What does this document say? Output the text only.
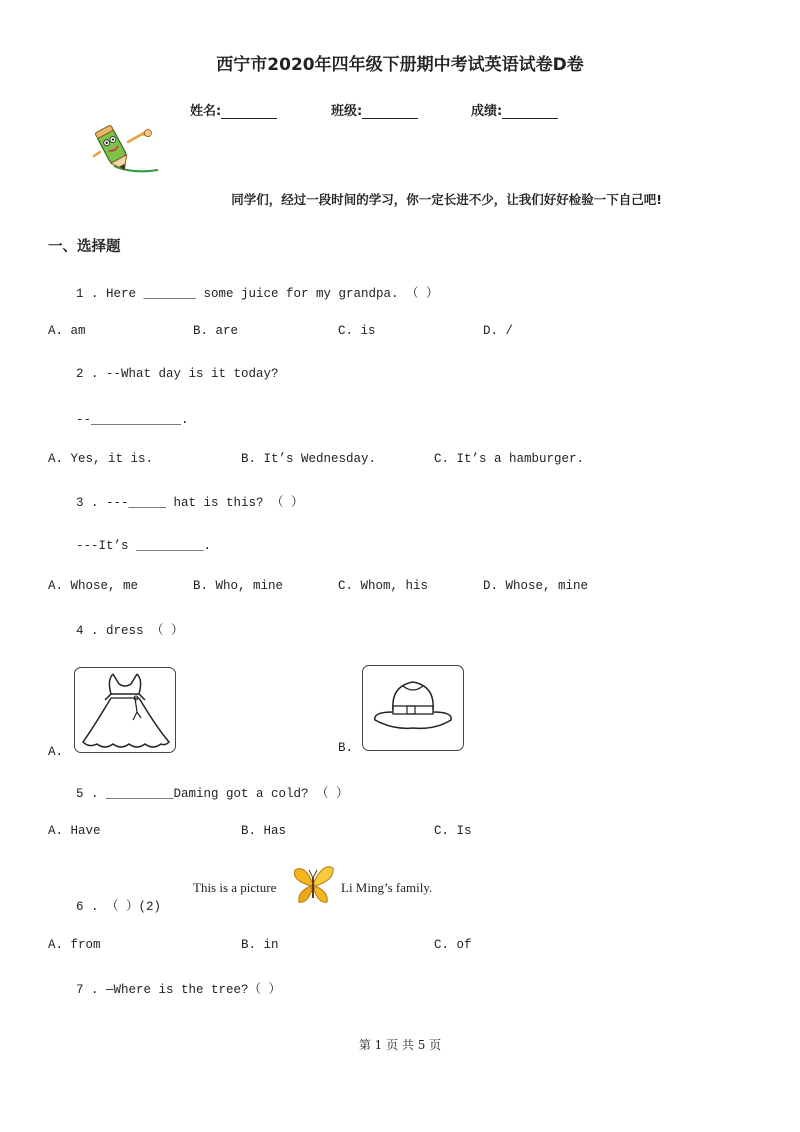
西宁市2020年四年级下册期中考试英语试卷D卷
姓名:	班级:	成绩:
同学们，经过一段时间的学习，你一定长进不少，让我们好好检验一下自己吧!
一、选择题
1 . Here _______ some juice for my grandpa. （ ）
A. am	B. are	C. is	D. /
2 . --What day is it today?
--____________.
A. Yes, it is.	B. It’s Wednesday.	C. It’s a hamburger.
3 . ---_____ hat is this? （ ）
---It’s _________.
A. Whose, me	B. Who, mine	C. Whom, his	D. Whose, mine
4 . dress （ ）
A.	B.
5 . _________Daming got a cold? （ ）
A. Have	B. Has	C. Is
This is a picture	Li Ming’s family.
6 . （ ）(2)
A. from	B. in	C. of
7 . —Where is the tree?（ ）
第 1 页 共 5 页
